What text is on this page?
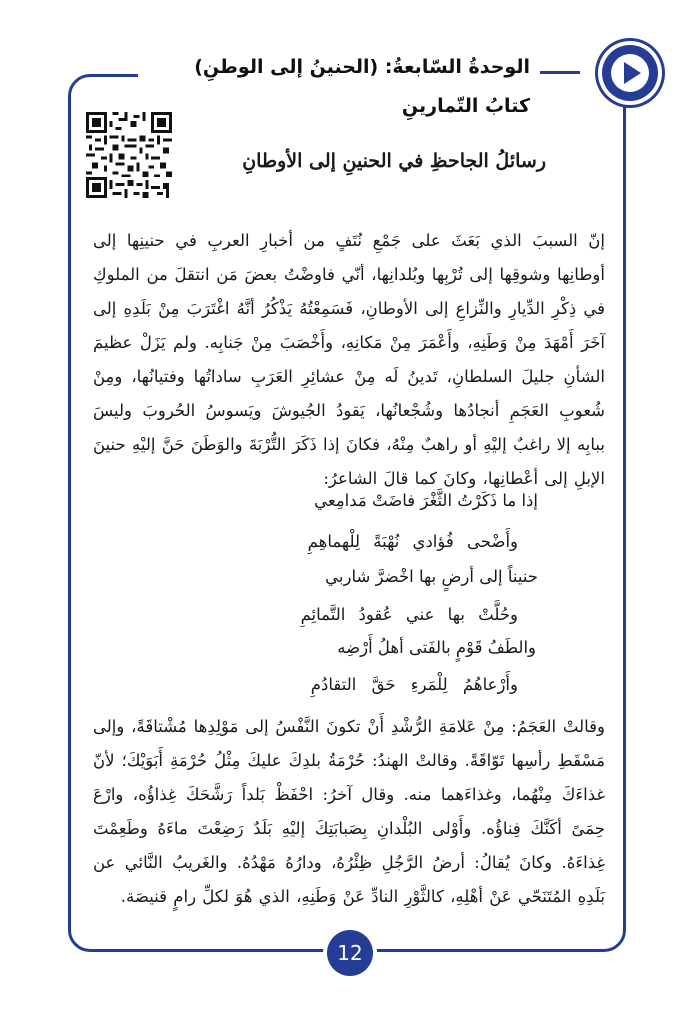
الوحدةُ السّابعةُ: (الحنينُ إلى الوطنِ)
كتابُ التّمارينِ
رسائلُ الجاحظِ في الحنينِ إلى الأوطانِ

إنّ السببَ الذي بَعَثَ على جَمْعِ نُتَفٍ من أخبارِ العربِ في حنينِها إلى أوطانِها وشوقِها إلى تُرْبِها وبُلدانِها، أنّي فاوضْتُ بعضَ مَن انتقلَ من الملوكِ في ذِكْرِ الدِّيارِ والنِّزاعِ إلى الأوطانِ، فَسَمِعْتُهُ يَذْكُرُ أنَّهُ اغْتَرَبَ مِنْ بَلَدِهِ إلى آخَرَ أَمْهَدَ مِنْ وَطَنِهِ، وأَعْمَرَ مِنْ مَكانِهِ، وأَخْصَبَ مِنْ جَنابِه. ولم يَزَلْ عظيمَ الشأنِ جليلَ السلطانِ، تَدينُ لَه مِنْ عشائِرِ العَرَبِ ساداتُها وفتيانُها، ومِنْ شُعوبِ العَجَمِ أنجادُها وشُجْعانُها، يَقودُ الجُيوشَ ويَسوسُ الحُروبَ وليسَ ببابِه إلا راغبٌ إليْهِ أو راهبٌ مِنْهُ، فكانَ إذا ذَكَرَ التُّرْبَةَ والوَطَنَ حَنَّ إليْهِ حنينَ الإبلِ إلى أعْطانِها، وكانَ كما قالَ الشاعرُ:

إذا ما ذَكَرْتُ الثَّغْرَ فاضَتْ مَدامِعي
وأَضْحى فُؤادي نُهْبَةً لِلْهماهِمِ
حنيناً إلى أرضٍ بها اخْضرَّ شاربي
وحُلَّتْ بها عني عُقودُ التَّمائِمِ
والطَفُ قَوْمٍ بالفَتى أهلُ أَرْضِه
وأَرْعاهُمُ لِلْمَرءِ حَقَّ التقادُمِ

وقالتْ العَجَمُ: مِنْ عَلامَةِ الرُّشْدِ أَنْ تكونَ النَّفْسُ إلى مَوْلِدِها مُشْتاقَةً، وإلى مَسْقَطِ رأسِها تَوّاقَةً. وقالتْ الهندُ: حُرْمَةُ بلدِكَ عليكَ مِثْلُ حُرْمَةِ أَبَوَيْكَ؛ لأنّ غذاءَكَ مِنْهُما، وغذاءَهما منه. وقال آخرُ: احْفَظْ بَلداً رَشَّحَكَ غِذاؤُه، وارْعَ حِمَىً أكَنَّكَ فِناؤُه. وأَوْلى البُلْدانِ بِصَبابَتِكَ إليْهِ بَلَدٌ رَضِعْتَ ماءَهُ وطَعِمْتَ غِذاءَهُ. وكانَ يُقالُ: أرضُ الرَّجُلِ ظِئْرُهُ، ودارُهُ مَهْدُهُ. والغَريبُ النَّائي عن بَلَدِهِ المُتَنَحّي عَنْ أهْلِهِ، كالثَّوْرِ النادِّ عَنْ وَطَنِهِ، الذي هُوَ لكلِّ رامٍ قنيصَة.

12
